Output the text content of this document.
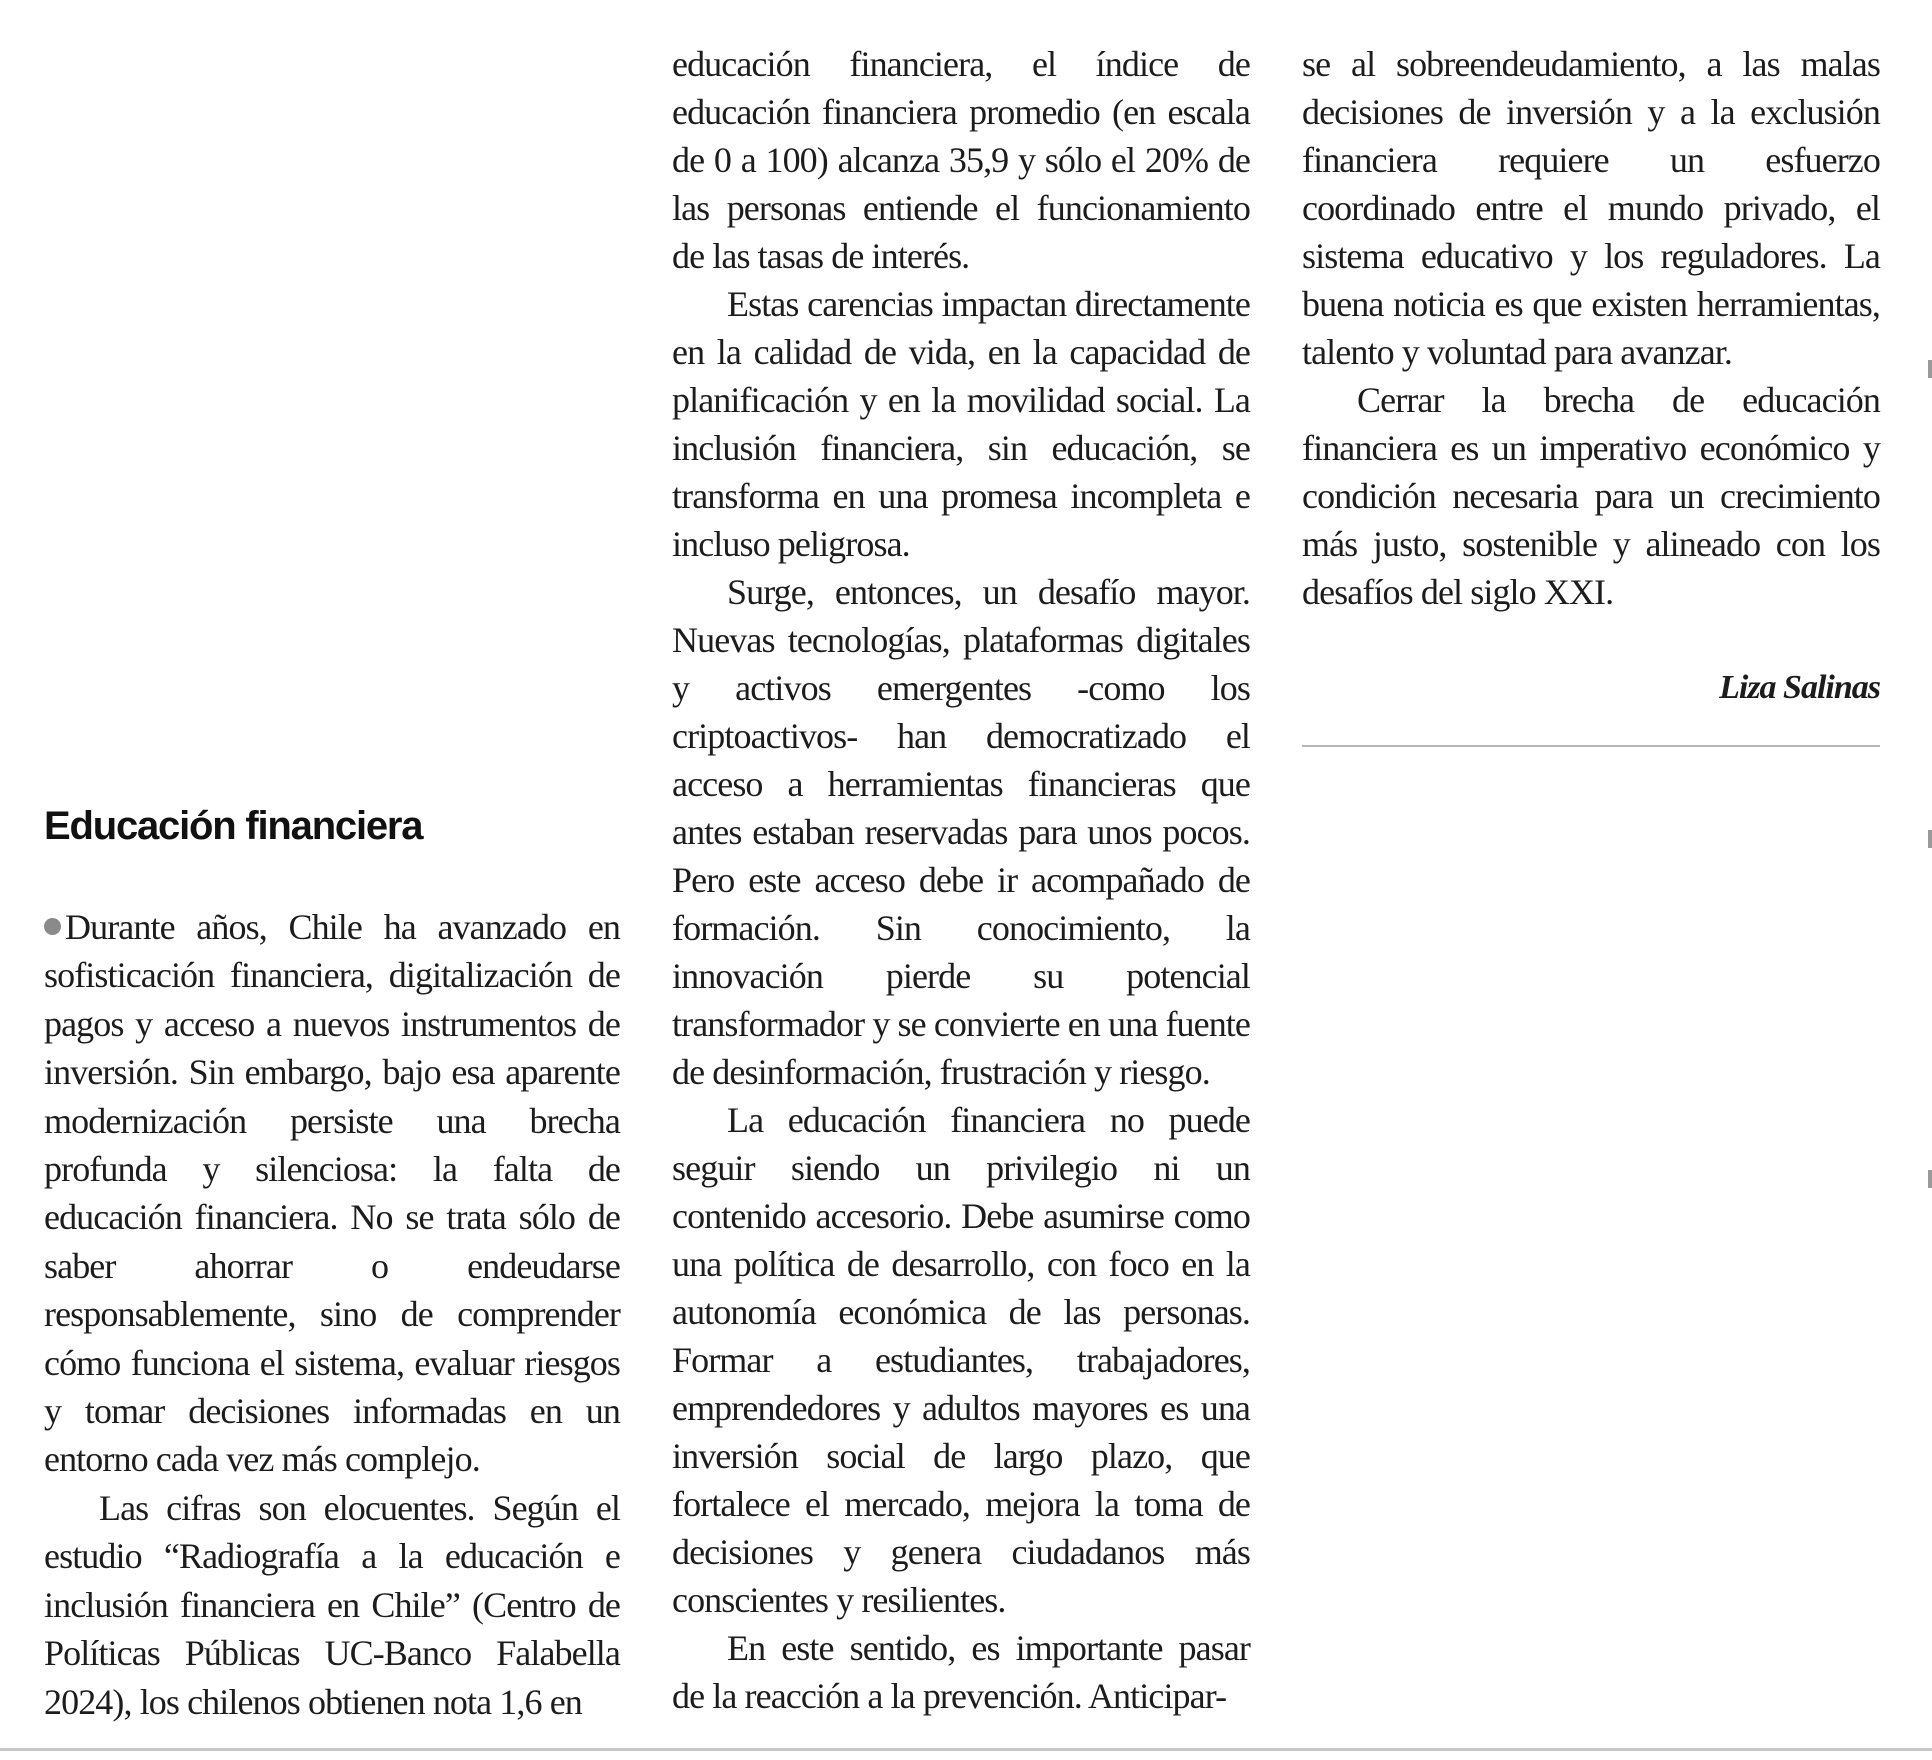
Educación financiera

Durante años, Chile ha avanzado en sofisticación financiera, digitalización de pagos y acceso a nuevos instrumentos de inversión. Sin embargo, bajo esa aparente modernización persiste una brecha profunda y silenciosa: la falta de educación financiera. No se trata sólo de saber ahorrar o endeudarse responsablemente, sino de comprender cómo funciona el sistema, evaluar riesgos y tomar decisiones informadas en un entorno cada vez más complejo.

Las cifras son elocuentes. Según el estudio “Radiografía a la educación e inclusión financiera en Chile” (Centro de Políticas Públicas UC-Banco Falabella 2024), los chilenos obtienen nota 1,6 en

educación financiera, el índice de educación financiera promedio (en escala de 0 a 100) alcanza 35,9 y sólo el 20% de las personas entiende el funcionamiento de las tasas de interés.

Estas carencias impactan directamente en la calidad de vida, en la capacidad de planificación y en la movilidad social. La inclusión financiera, sin educación, se transforma en una promesa incompleta e incluso peligrosa.

Surge, entonces, un desafío mayor. Nuevas tecnologías, plataformas digitales y activos emergentes -como los criptoactivos- han democratizado el acceso a herramientas financieras que antes estaban reservadas para unos pocos. Pero este acceso debe ir acompañado de formación. Sin conocimiento, la innovación pierde su potencial transformador y se convierte en una fuente de desinformación, frustración y riesgo.

La educación financiera no puede seguir siendo un privilegio ni un contenido accesorio. Debe asumirse como una política de desarrollo, con foco en la autonomía económica de las personas. Formar a estudiantes, trabajadores, emprendedores y adultos mayores es una inversión social de largo plazo, que fortalece el mercado, mejora la toma de decisiones y genera ciudadanos más conscientes y resilientes.

En este sentido, es importante pasar de la reacción a la prevención. Anticipar-

se al sobreendeudamiento, a las malas decisiones de inversión y a la exclusión financiera requiere un esfuerzo coordinado entre el mundo privado, el sistema educativo y los reguladores. La buena noticia es que existen herramientas, talento y voluntad para avanzar.

Cerrar la brecha de educación financiera es un imperativo económico y condición necesaria para un crecimiento más justo, sostenible y alineado con los desafíos del siglo XXI.

Liza Salinas
